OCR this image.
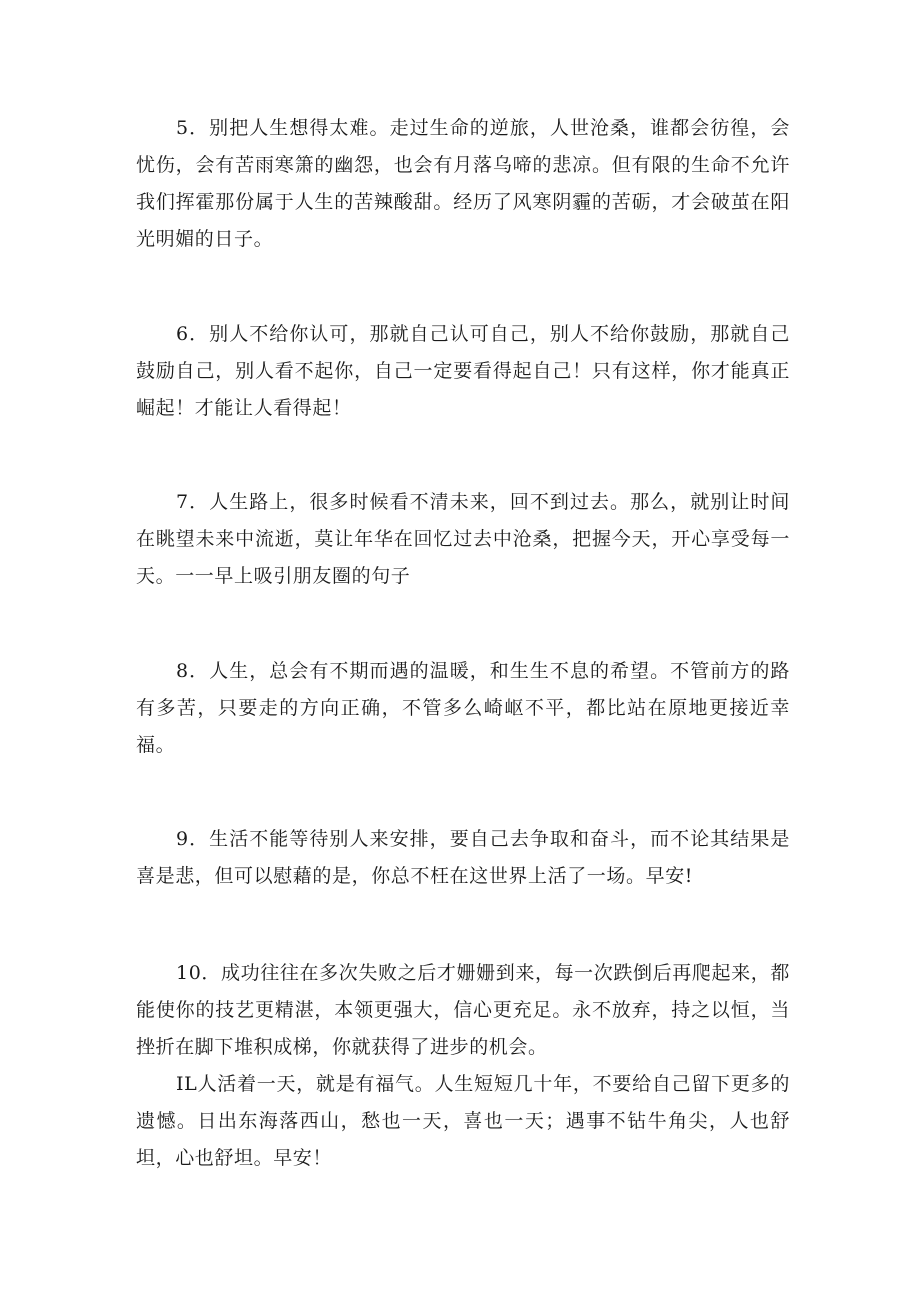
5．别把人生想得太难。走过生命的逆旅，人世沧桑，谁都会彷徨，会忧伤，会有苦雨寒箫的幽怨，也会有月落乌啼的悲凉。但有限的生命不允许我们挥霍那份属于人生的苦辣酸甜。经历了风寒阴霾的苦砺，才会破茧在阳光明媚的日子。

6．别人不给你认可，那就自己认可自己，别人不给你鼓励，那就自己鼓励自己，别人看不起你，自己一定要看得起自己！只有这样，你才能真正崛起！才能让人看得起！

7．人生路上，很多时候看不清未来，回不到过去。那么，就别让时间在眺望未来中流逝，莫让年华在回忆过去中沧桑，把握今天，开心享受每一天。一一早上吸引朋友圈的句子

8．人生，总会有不期而遇的温暖，和生生不息的希望。不管前方的路有多苦，只要走的方向正确，不管多么崎岖不平，都比站在原地更接近幸福。

9．生活不能等待别人来安排，要自己去争取和奋斗，而不论其结果是喜是悲，但可以慰藉的是，你总不枉在这世界上活了一场。早安!

10．成功往往在多次失败之后才姗姗到来，每一次跌倒后再爬起来，都能使你的技艺更精湛，本领更强大，信心更充足。永不放弃，持之以恒，当挫折在脚下堆积成梯，你就获得了进步的机会。

IL人活着一天，就是有福气。人生短短几十年，不要给自己留下更多的遗憾。日出东海落西山，愁也一天，喜也一天；遇事不钻牛角尖，人也舒坦，心也舒坦。早安！
